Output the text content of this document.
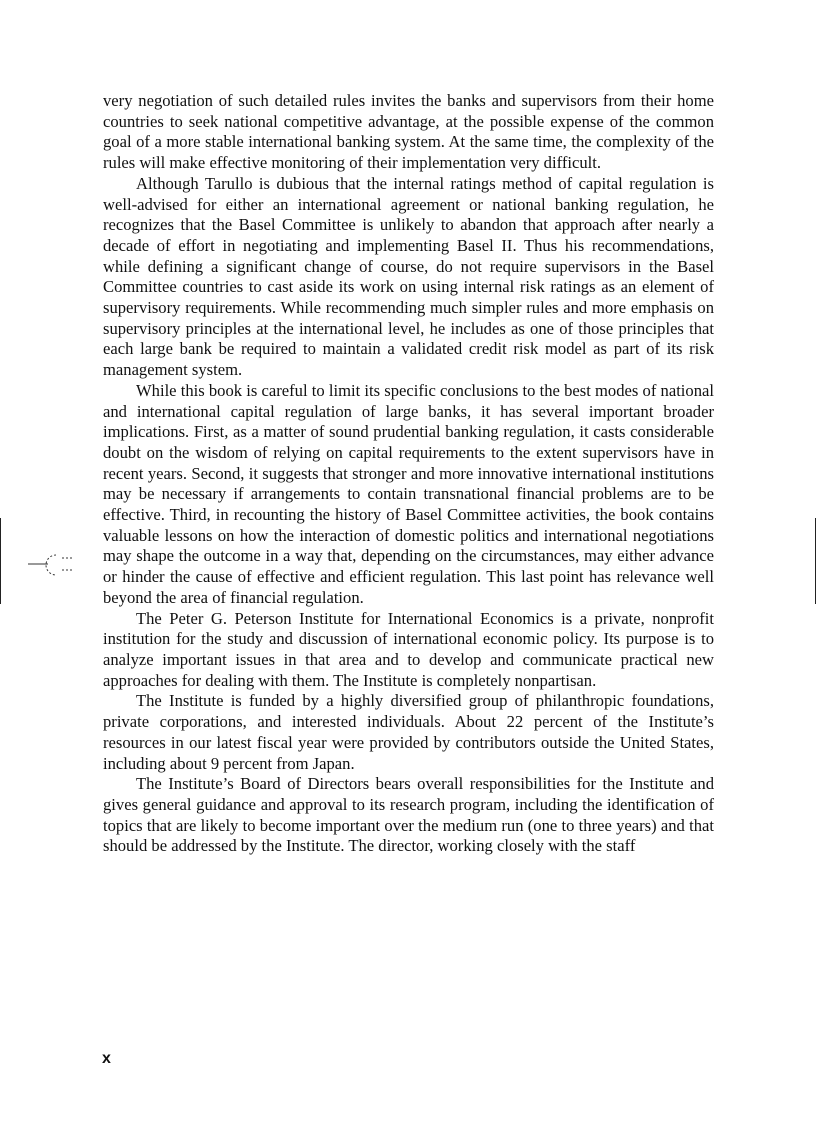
very negotiation of such detailed rules invites the banks and supervisors from their home countries to seek national competitive advantage, at the possible expense of the common goal of a more stable international banking system. At the same time, the complexity of the rules will make effective monitoring of their implementation very difficult.

Although Tarullo is dubious that the internal ratings method of capital regulation is well-advised for either an international agreement or national banking regulation, he recognizes that the Basel Committee is unlikely to abandon that approach after nearly a decade of effort in negotiating and implementing Basel II. Thus his recommendations, while defining a significant change of course, do not require supervisors in the Basel Committee countries to cast aside its work on using internal risk ratings as an element of supervisory requirements. While recommending much simpler rules and more emphasis on supervisory principles at the international level, he includes as one of those principles that each large bank be required to maintain a validated credit risk model as part of its risk management system.

While this book is careful to limit its specific conclusions to the best modes of national and international capital regulation of large banks, it has several important broader implications. First, as a matter of sound prudential banking regulation, it casts considerable doubt on the wisdom of relying on capital requirements to the extent supervisors have in recent years. Second, it suggests that stronger and more innovative international institutions may be necessary if arrangements to contain transnational financial problems are to be effective. Third, in recounting the history of Basel Committee activities, the book contains valuable lessons on how the interaction of domestic politics and international negotiations may shape the outcome in a way that, depending on the circumstances, may either advance or hinder the cause of effective and efficient regulation. This last point has relevance well beyond the area of financial regulation.

The Peter G. Peterson Institute for International Economics is a private, nonprofit institution for the study and discussion of international economic policy. Its purpose is to analyze important issues in that area and to develop and communicate practical new approaches for dealing with them. The Institute is completely nonpartisan.

The Institute is funded by a highly diversified group of philanthropic foundations, private corporations, and interested individuals. About 22 percent of the Institute’s resources in our latest fiscal year were provided by contributors outside the United States, including about 9 percent from Japan.

The Institute’s Board of Directors bears overall responsibilities for the Institute and gives general guidance and approval to its research program, including the identification of topics that are likely to become important over the medium run (one to three years) and that should be addressed by the Institute. The director, working closely with the staff

x
